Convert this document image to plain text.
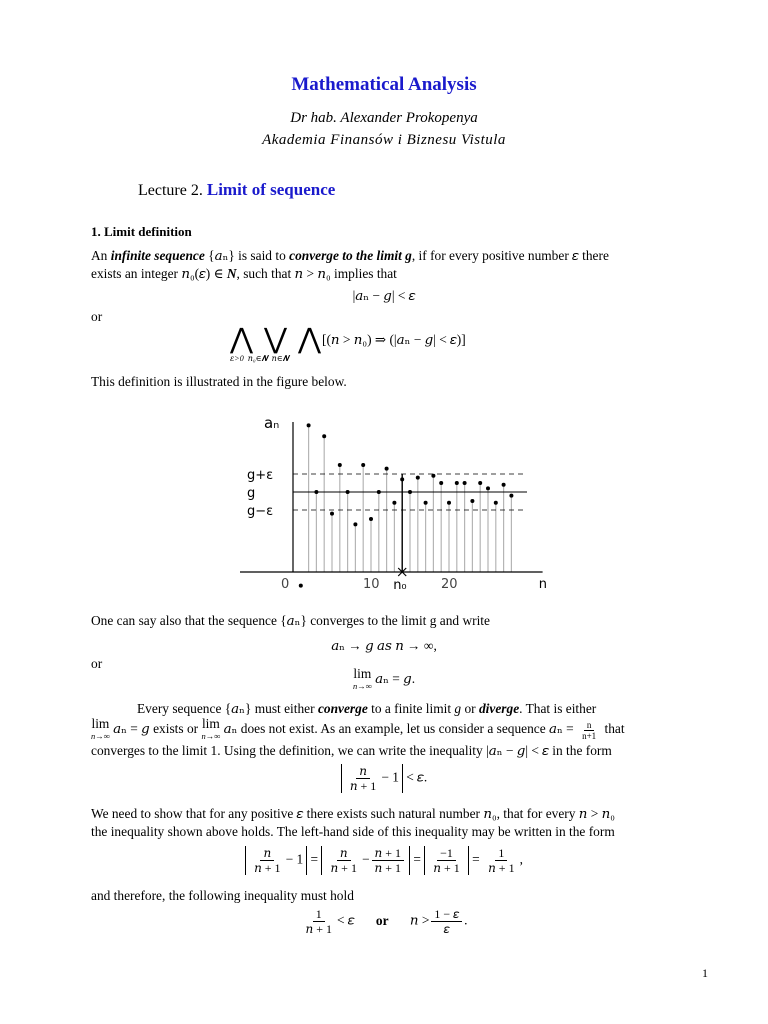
Mathematical Analysis
Dr hab. Alexander Prokopenya
Akademia Finansów i Biznesu Vistula
Lecture 2. Limit of sequence
1. Limit definition
An infinite sequence {𝑎ₙ} is said to converge to the limit g, if for every positive number 𝜀 there
exists an integer 𝑛₀(𝜀) ∈ N, such that 𝑛 > 𝑛₀ implies that
|𝑎ₙ − 𝑔| < 𝜀
or
⋀ ⋁ ⋀
𝜀>0  𝑛₀∈𝑵  𝑛∈𝑵
[(𝑛 > 𝑛₀) ⇒ (|𝑎ₙ − 𝑔| < 𝜀)]
This definition is illustrated in the figure below.
aₙ
g+ε
g
g−ε
0	10	20
n₀	n
One can say also that the sequence {𝑎ₙ} converges to the limit g and write
𝑎ₙ → 𝑔 𝑎𝑠 𝑛 → ∞,
or
lim
n→∞ 𝑎ₙ = 𝑔.
Every sequence {𝑎ₙ} must either converge to a finite limit g or diverge. That is either
lim
n→∞ 𝑎ₙ = 𝑔 exists or lim
n→∞ 𝑎ₙ does not exist. As an example, let us consider a sequence 𝑎ₙ = $\frac{n}{n+1}$ that
converges to the limit 1. Using the definition, we can write the inequality |𝑎ₙ − 𝑔| < 𝜀 in the form
$\frac{\text{𝑛}}{\text{𝑛 + 1}} - 1$ < 𝜀.
We need to show that for any positive 𝜀 there exists such natural number 𝑛₀, that for every 𝑛 > 𝑛₀
the inequality shown above holds. The left-hand side of this inequality may be written in the form
$\frac{\text{𝑛}}{\text{𝑛 + 1}} - 1 = \frac{\text{𝑛}}{\text{𝑛 + 1}} - \frac{\text{𝑛 + 1}}{\text{𝑛 + 1}} = \frac{-1}{\text{𝑛 + 1}} = \frac{1}{\text{𝑛 + 1}}$ ,
and therefore, the following inequality must hold
$\frac{1}{\text{𝑛 + 1}}$ < 𝜀 or 𝑛 > $\frac{\text{1 − 𝜀}}{\text{𝜀}}$ .
1
